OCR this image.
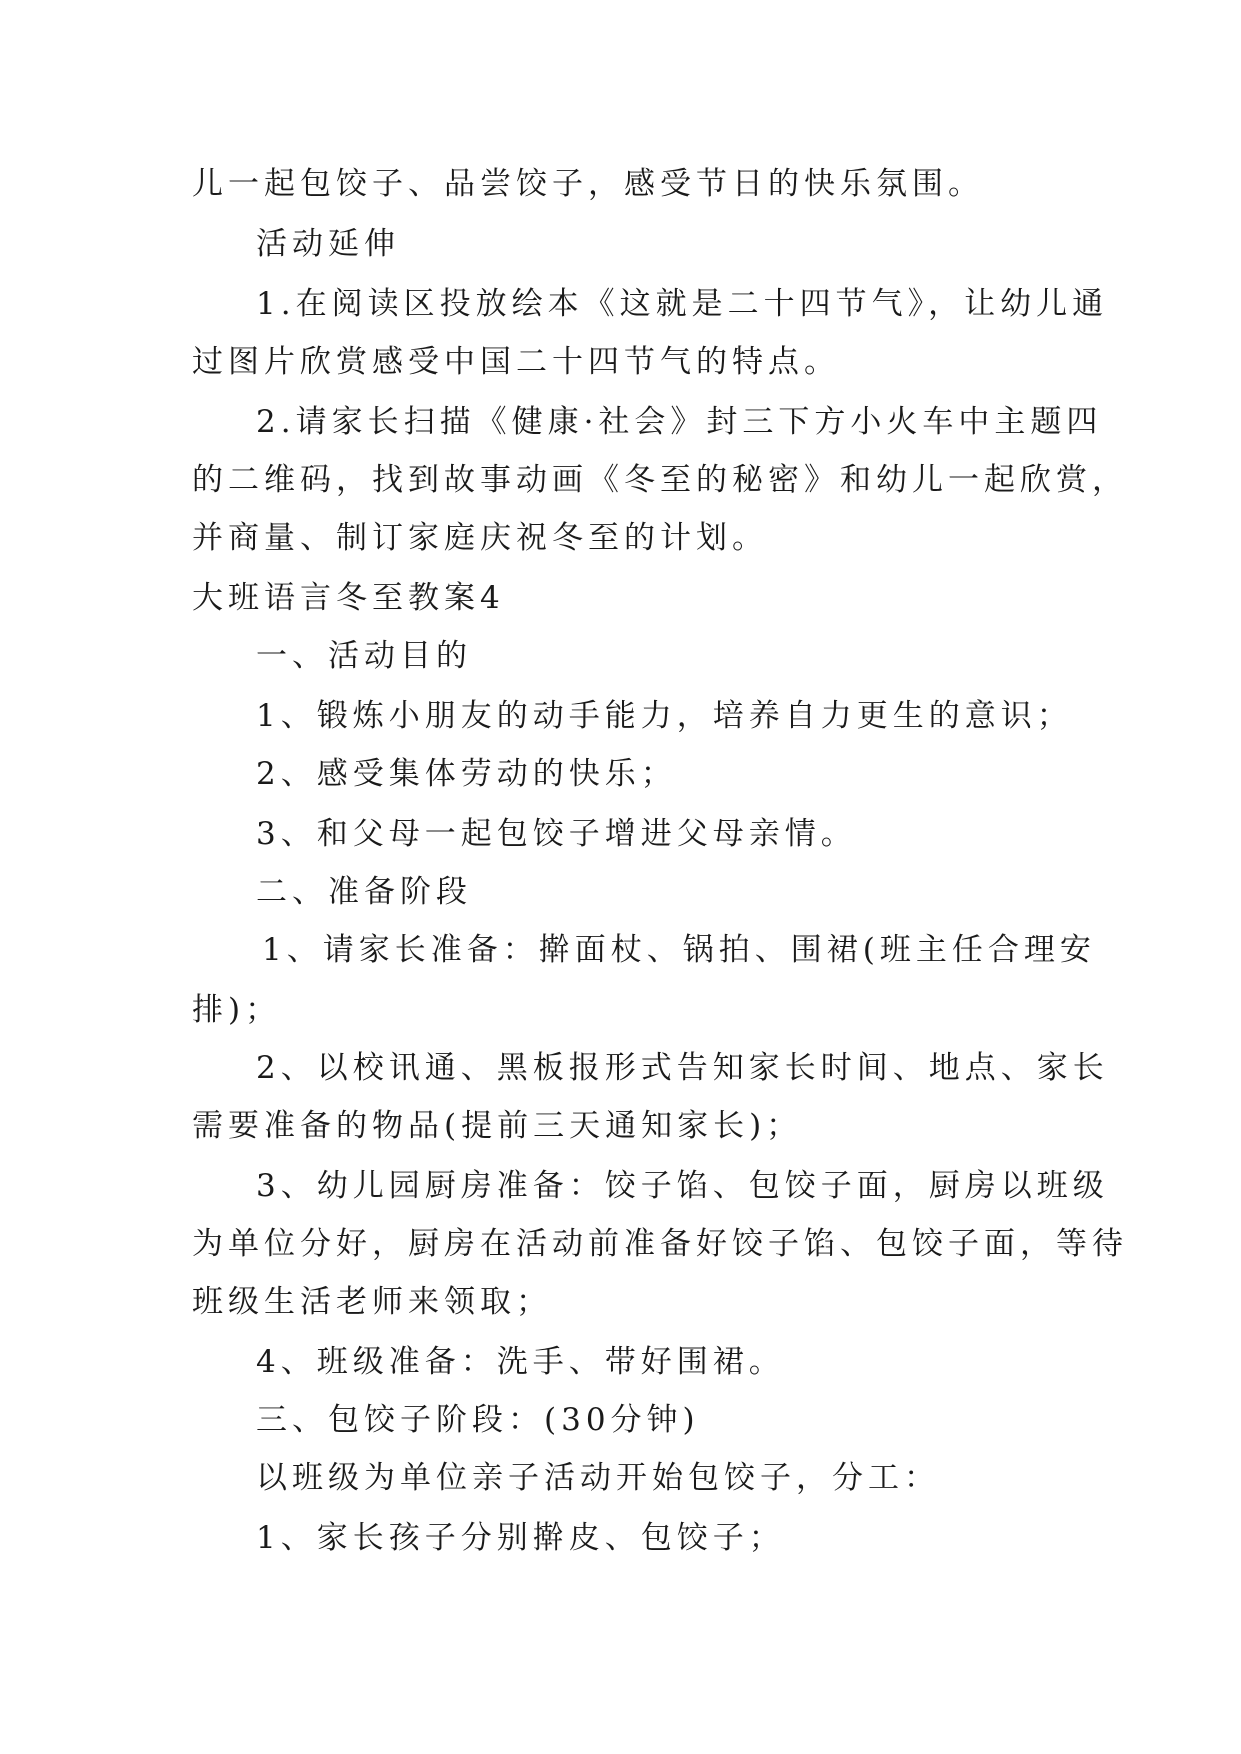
儿一起包饺子、品尝饺子，感受节日的快乐氛围。
活动延伸
1.在阅读区投放绘本《这就是二十四节气》，让幼儿通
过图片欣赏感受中国二十四节气的特点。
2.请家长扫描《健康·社会》封三下方小火车中主题四
的二维码，找到故事动画《冬至的秘密》和幼儿一起欣赏，
并商量、制订家庭庆祝冬至的计划。
大班语言冬至教案4
一、活动目的
1、锻炼小朋友的动手能力，培养自力更生的意识；
2、感受集体劳动的快乐；
3、和父母一起包饺子增进父母亲情。
二、准备阶段
1、请家长准备：擀面杖、锅拍、围裙(班主任合理安
排)；
2、以校讯通、黑板报形式告知家长时间、地点、家长
需要准备的物品(提前三天通知家长)；
3、幼儿园厨房准备：饺子馅、包饺子面，厨房以班级
为单位分好，厨房在活动前准备好饺子馅、包饺子面，等待
班级生活老师来领取；
4、班级准备：洗手、带好围裙。
三、包饺子阶段：(30分钟)
以班级为单位亲子活动开始包饺子，分工：
1、家长孩子分别擀皮、包饺子；
